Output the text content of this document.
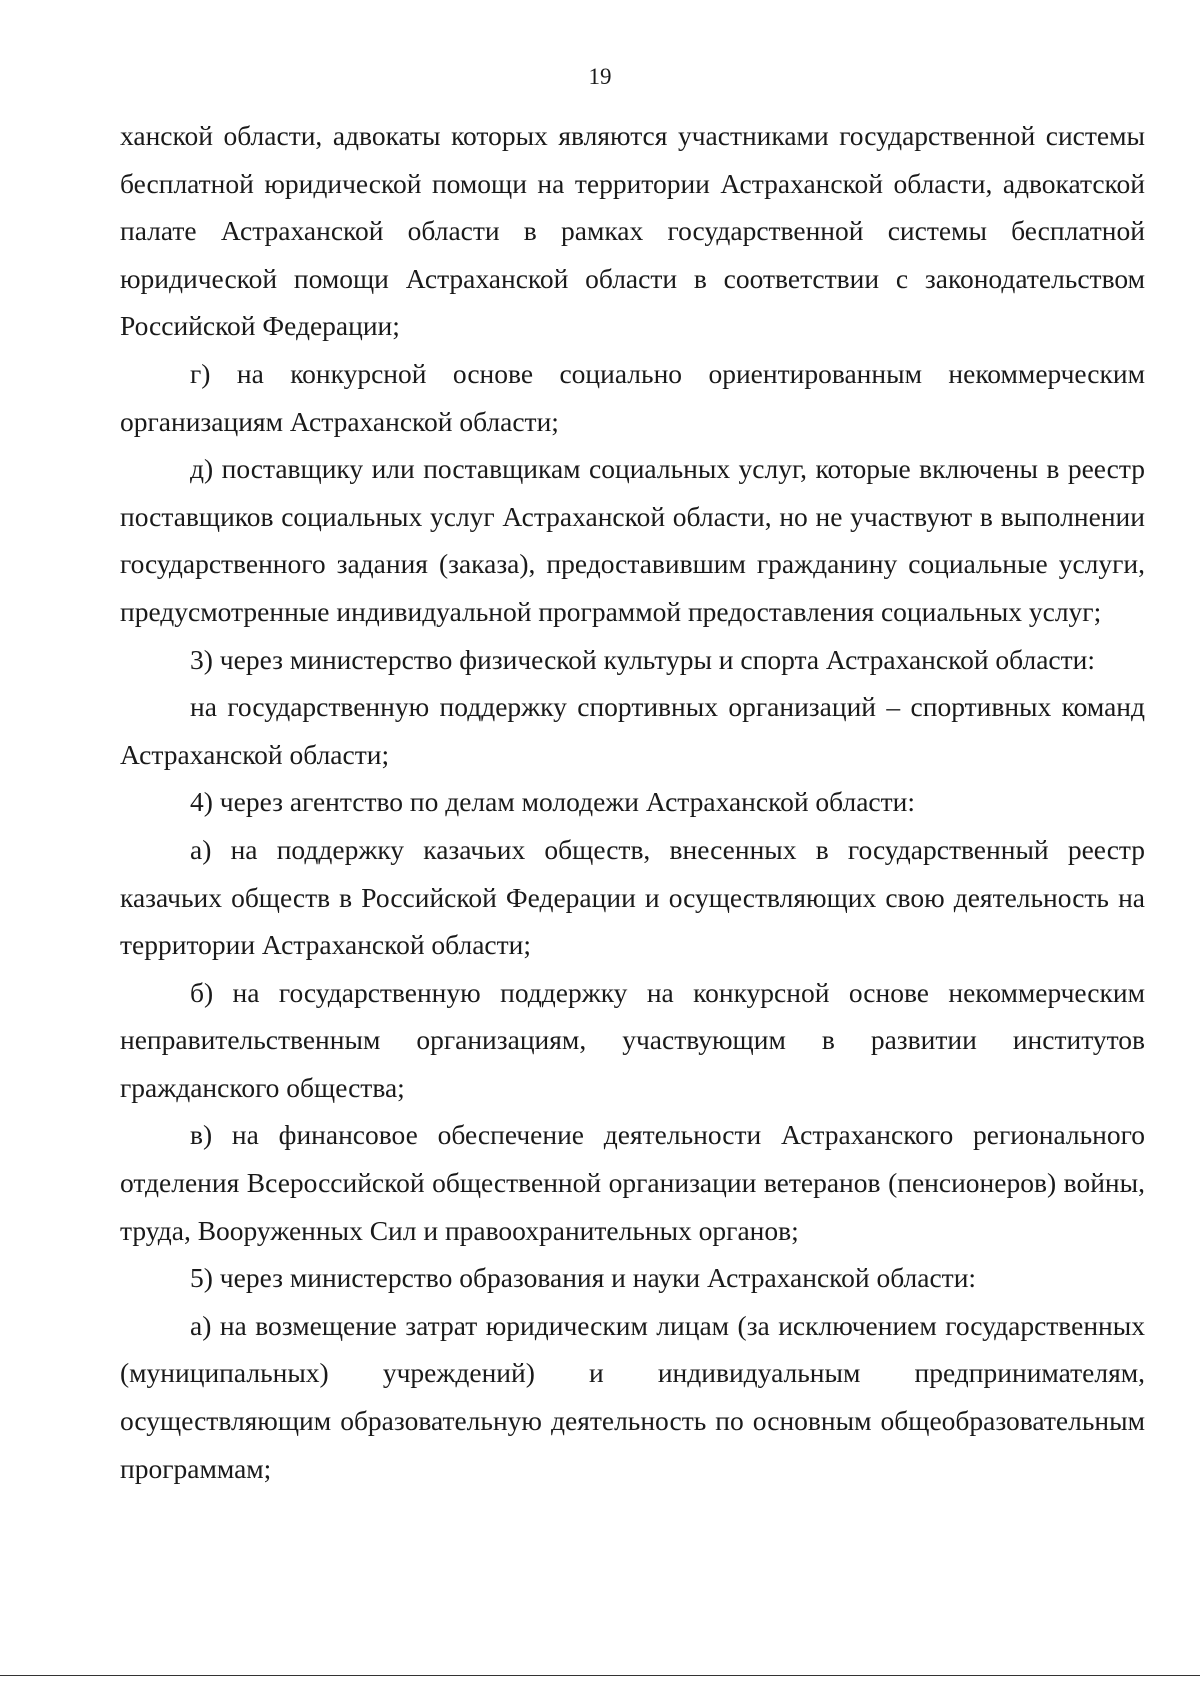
19

ханской области, адвокаты которых являются участниками государственной системы бесплатной юридической помощи на территории Астраханской области, адвокатской палате Астраханской области в рамках государственной системы бесплатной юридической помощи Астраханской области в соответствии с законодательством Российской Федерации;

г) на конкурсной основе социально ориентированным некоммерческим организациям Астраханской области;

д) поставщику или поставщикам социальных услуг, которые включены в реестр поставщиков социальных услуг Астраханской области, но не участвуют в выполнении государственного задания (заказа), предоставившим гражданину социальные услуги, предусмотренные индивидуальной программой предоставления социальных услуг;

3) через министерство физической культуры и спорта Астраханской области:

на государственную поддержку спортивных организаций – спортивных команд Астраханской области;

4) через агентство по делам молодежи Астраханской области:

а) на поддержку казачьих обществ, внесенных в государственный реестр казачьих обществ в Российской Федерации и осуществляющих свою деятельность на территории Астраханской области;

б) на государственную поддержку на конкурсной основе некоммерческим неправительственным организациям, участвующим в развитии институтов гражданского общества;

в) на финансовое обеспечение деятельности Астраханского регионального отделения Всероссийской общественной организации ветеранов (пенсионеров) войны, труда, Вооруженных Сил и правоохранительных органов;

5) через министерство образования и науки Астраханской области:

а) на возмещение затрат юридическим лицам (за исключением государственных (муниципальных) учреждений) и индивидуальным предпринимателям, осуществляющим образовательную деятельность по основным общеобразовательным программам;
